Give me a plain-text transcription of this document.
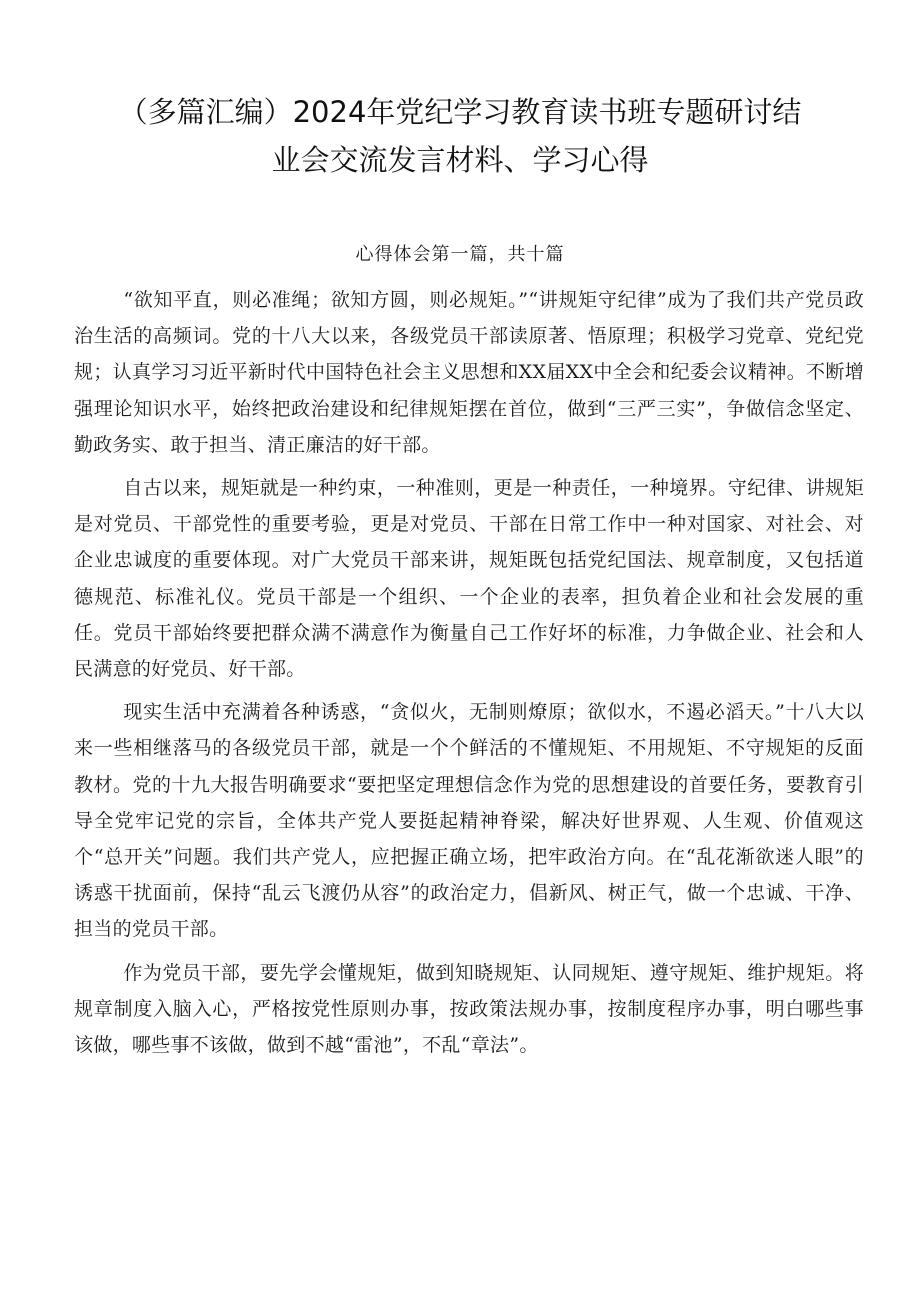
（多篇汇编）2024年党纪学习教育读书班专题研讨结
业会交流发言材料、学习心得

心得体会第一篇，共十篇

“欲知平直，则必准绳；欲知方圆，则必规矩。”“讲规矩守纪律”成为了我们共产党员政治生活的高频词。党的十八大以来，各级党员干部读原著、悟原理；积极学习党章、党纪党规；认真学习习近平新时代中国特色社会主义思想和XX届XX中全会和纪委会议精神。不断增强理论知识水平，始终把政治建设和纪律规矩摆在首位，做到“三严三实”，争做信念坚定、勤政务实、敢于担当、清正廉洁的好干部。

自古以来，规矩就是一种约束，一种准则，更是一种责任，一种境界。守纪律、讲规矩是对党员、干部党性的重要考验，更是对党员、干部在日常工作中一种对国家、对社会、对企业忠诚度的重要体现。对广大党员干部来讲，规矩既包括党纪国法、规章制度，又包括道德规范、标准礼仪。党员干部是一个组织、一个企业的表率，担负着企业和社会发展的重任。党员干部始终要把群众满不满意作为衡量自己工作好坏的标准，力争做企业、社会和人民满意的好党员、好干部。

现实生活中充满着各种诱惑，“贪似火，无制则燎原；欲似水，不遏必滔天。”十八大以来一些相继落马的各级党员干部，就是一个个鲜活的不懂规矩、不用规矩、不守规矩的反面教材。党的十九大报告明确要求“要把坚定理想信念作为党的思想建设的首要任务，要教育引导全党牢记党的宗旨，全体共产党人要挺起精神脊梁，解决好世界观、人生观、价值观这个“总开关”问题。我们共产党人，应把握正确立场，把牢政治方向。在“乱花渐欲迷人眼”的诱惑干扰面前，保持“乱云飞渡仍从容”的政治定力，倡新风、树正气，做一个忠诚、干净、担当的党员干部。

作为党员干部，要先学会懂规矩，做到知晓规矩、认同规矩、遵守规矩、维护规矩。将规章制度入脑入心，严格按党性原则办事，按政策法规办事，按制度程序办事，明白哪些事该做，哪些事不该做，做到不越“雷池”，不乱“章法”。
